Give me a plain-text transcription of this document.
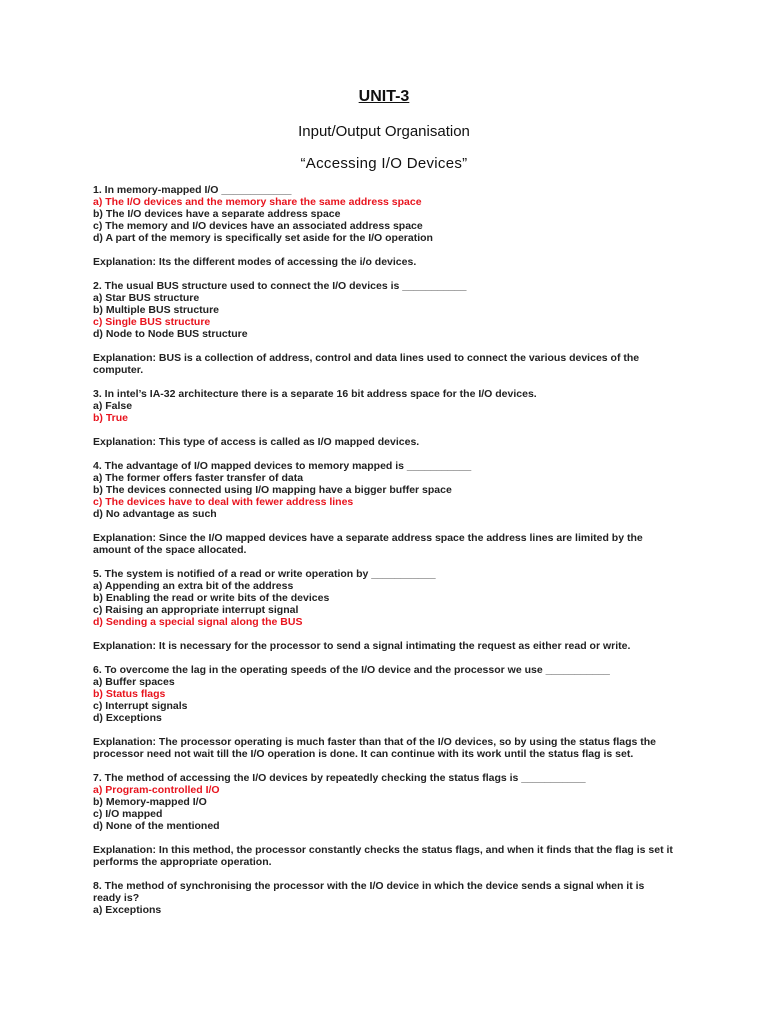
UNIT-3
Input/Output Organisation
“Accessing I/O Devices”

1. In memory-mapped I/O ____________

a) The I/O devices and the memory share the same address space

b) The I/O devices have a separate address space

c) The memory and I/O devices have an associated address space

d) A part of the memory is specifically set aside for the I/O operation

Explanation: Its the different modes of accessing the i/o devices.

2. The usual BUS structure used to connect the I/O devices is ___________

a) Star BUS structure

b) Multiple BUS structure

c) Single BUS structure

d) Node to Node BUS structure

Explanation: BUS is a collection of address, control and data lines used to connect the various devices of the computer.

3. In intel’s IA-32 architecture there is a separate 16 bit address space for the I/O devices.

a) False

b) True

Explanation: This type of access is called as I/O mapped devices.

4. The advantage of I/O mapped devices to memory mapped is ___________

a) The former offers faster transfer of data

b) The devices connected using I/O mapping have a bigger buffer space

c) The devices have to deal with fewer address lines

d) No advantage as such

Explanation: Since the I/O mapped devices have a separate address space the address lines are limited by the amount of the space allocated.

5. The system is notified of a read or write operation by ___________

a) Appending an extra bit of the address

b) Enabling the read or write bits of the devices

c) Raising an appropriate interrupt signal

d) Sending a special signal along the BUS

Explanation: It is necessary for the processor to send a signal intimating the request as either read or write.

6. To overcome the lag in the operating speeds of the I/O device and the processor we use ___________

a) Buffer spaces

b) Status flags

c) Interrupt signals

d) Exceptions

Explanation: The processor operating is much faster than that of the I/O devices, so by using the status flags the processor need not wait till the I/O operation is done. It can continue with its work until the status flag is set.

7. The method of accessing the I/O devices by repeatedly checking the status flags is ___________

a) Program-controlled I/O

b) Memory-mapped I/O

c) I/O mapped

d) None of the mentioned

Explanation: In this method, the processor constantly checks the status flags, and when it finds that the flag is set it performs the appropriate operation.

8. The method of synchronising the processor with the I/O device in which the device sends a signal when it is ready is?

a) Exceptions
